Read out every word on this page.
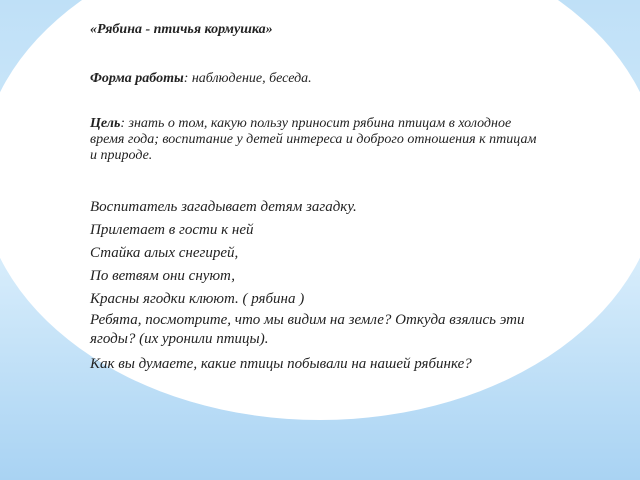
«Рябина - птичья кормушка»
Форма работы: наблюдение, беседа.
Цель: знать о том, какую пользу приносит рябина птицам в холодное время года; воспитание у детей интереса и доброго отношения к птицам и природе.
Воспитатель загадывает детям загадку.
Прилетает в гости к ней
Стайка алых снегирей,
По ветвям они снуют,
Красны ягодки клюют. ( рябина )
Ребята, посмотрите, что мы видим на земле? Откуда взялись эти ягоды? (их уронили птицы).
Как вы думаете, какие птицы побывали на нашей рябинке?
